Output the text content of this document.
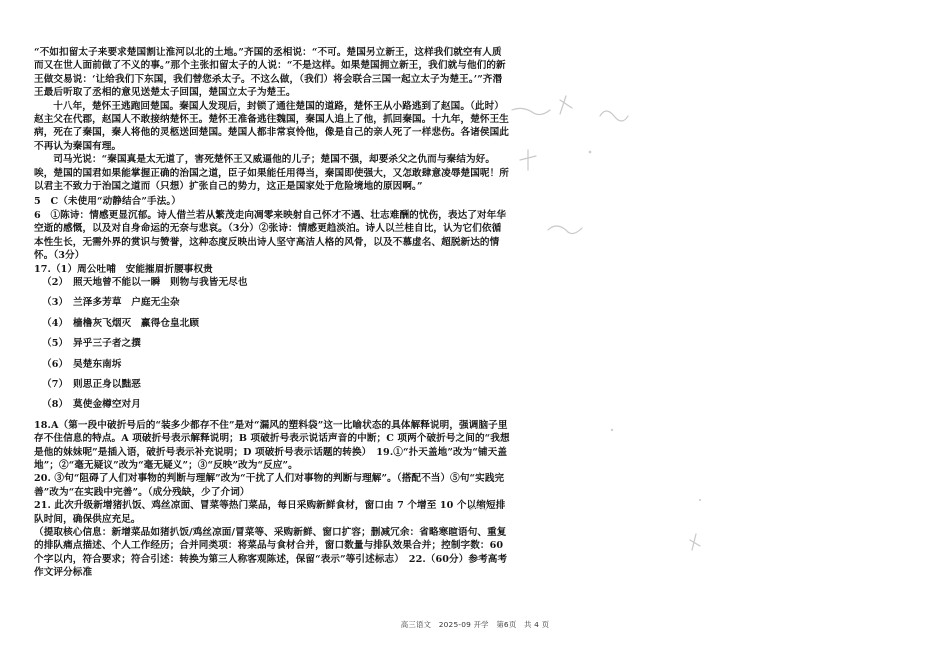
“不如扣留太子来要求楚国割让淮河以北的土地。”齐国的丞相说：“不可。楚国另立新王，这样我们就空有人质而又在世人面前做了不义的事。”那个主张扣留太子的人说：“不是这样。如果楚国拥立新王，我们就与他们的新王做交易说：‘让给我们下东国，我们替您杀太子。不这么做，（我们）将会联合三国一起立太子为楚王。’”齐湣王最后听取了丞相的意见送楚太子回国，楚国立太子为楚王。

十八年，楚怀王逃跑回楚国。秦国人发现后，封锁了通往楚国的道路，楚怀王从小路逃到了赵国。（此时）赵主父在代郡，赵国人不敢接纳楚怀王。楚怀王准备逃往魏国，秦国人追上了他，抓回秦国。十九年，楚怀王生病，死在了秦国，秦人将他的灵柩送回楚国。楚国人都非常哀怜他，像是自己的亲人死了一样悲伤。各诸侯国此不再认为秦国有理。

司马光说：“秦国真是太无道了，害死楚怀王又威逼他的儿子；楚国不强，却要杀父之仇而与秦结为好。唉，楚国的国君如果能掌握正确的治国之道，臣子如果能任用得当，秦国即使强大，又怎敢肆意凌辱楚国呢！所以君主不致力于治国之道而（只想）扩张自己的势力，这正是国家处于危险境地的原因啊。”

5　C（未使用“动静结合”手法。）

6　①陈诗：情感更显沉郁。诗人借兰若从繁茂走向凋零来映射自己怀才不遇、壮志难酬的忧伤，表达了对年华空逝的感慨，以及对自身命运的无奈与悲哀。（3分）②张诗：情感更趋淡泊。诗人以兰桂自比，认为它们依循本性生长，无需外界的赏识与赞誉，这种态度反映出诗人坚守高洁人格的风骨，以及不慕虚名、超脱新达的情怀。（3分）

17.（1）周公吐哺　安能摧眉折腰事权贵

（2）　照天地曾不能以一瞬　则物与我皆无尽也

（3）　兰泽多芳草　户庭无尘杂

（4）　樯橹灰飞烟灭　赢得仓皇北顾

（5）　异乎三子者之撰

（6）　吴楚东南坼

（7）　则思正身以黜恶

（8）　莫使金樽空对月

18.A（第一段中破折号后的“装多少都存不住”是对“漏风的塑料袋”这一比喻状态的具体解释说明，强调脑子里存不住信息的特点。A 项破折号表示解释说明；B 项破折号表示说话声音的中断；C 项两个破折号之间的“我想是他的妹妹呢”是插入语，破折号表示补充说明；D 项破折号表示话题的转换）　19.①“扑天盖地”改为“铺天盖地”；②“毫无疑议”改为“毫无疑义”；③“反映”改为“反应”。

20. ③句“阻碍了人们对事物的判断与理解”改为“干扰了人们对事物的判断与理解”。（搭配不当）⑤句“实践完善”改为“在实践中完善”。（成分残缺，少了介词）

21. 此次升级新增猪扒饭、鸡丝凉面、冒菜等热门菜品，每日采购新鲜食材，窗口由 7 个增至 10 个以缩短排队时间，确保供应充足。

（提取核心信息：新增菜品如猪扒饭/鸡丝凉面/冒菜等、采购新鲜、窗口扩容；删减冗余：省略寒暄语句、重复的排队痛点描述、个人工作经历；合并同类项：将菜品与食材合并，窗口数量与排队效果合并；控制字数：60 个字以内，符合要求；符合引述：转换为第三人称客观陈述，保留“表示”等引述标志）　22.（60分）参考高考作文评分标准

高三语文　2025-09 开学　第6页　共 4 页
